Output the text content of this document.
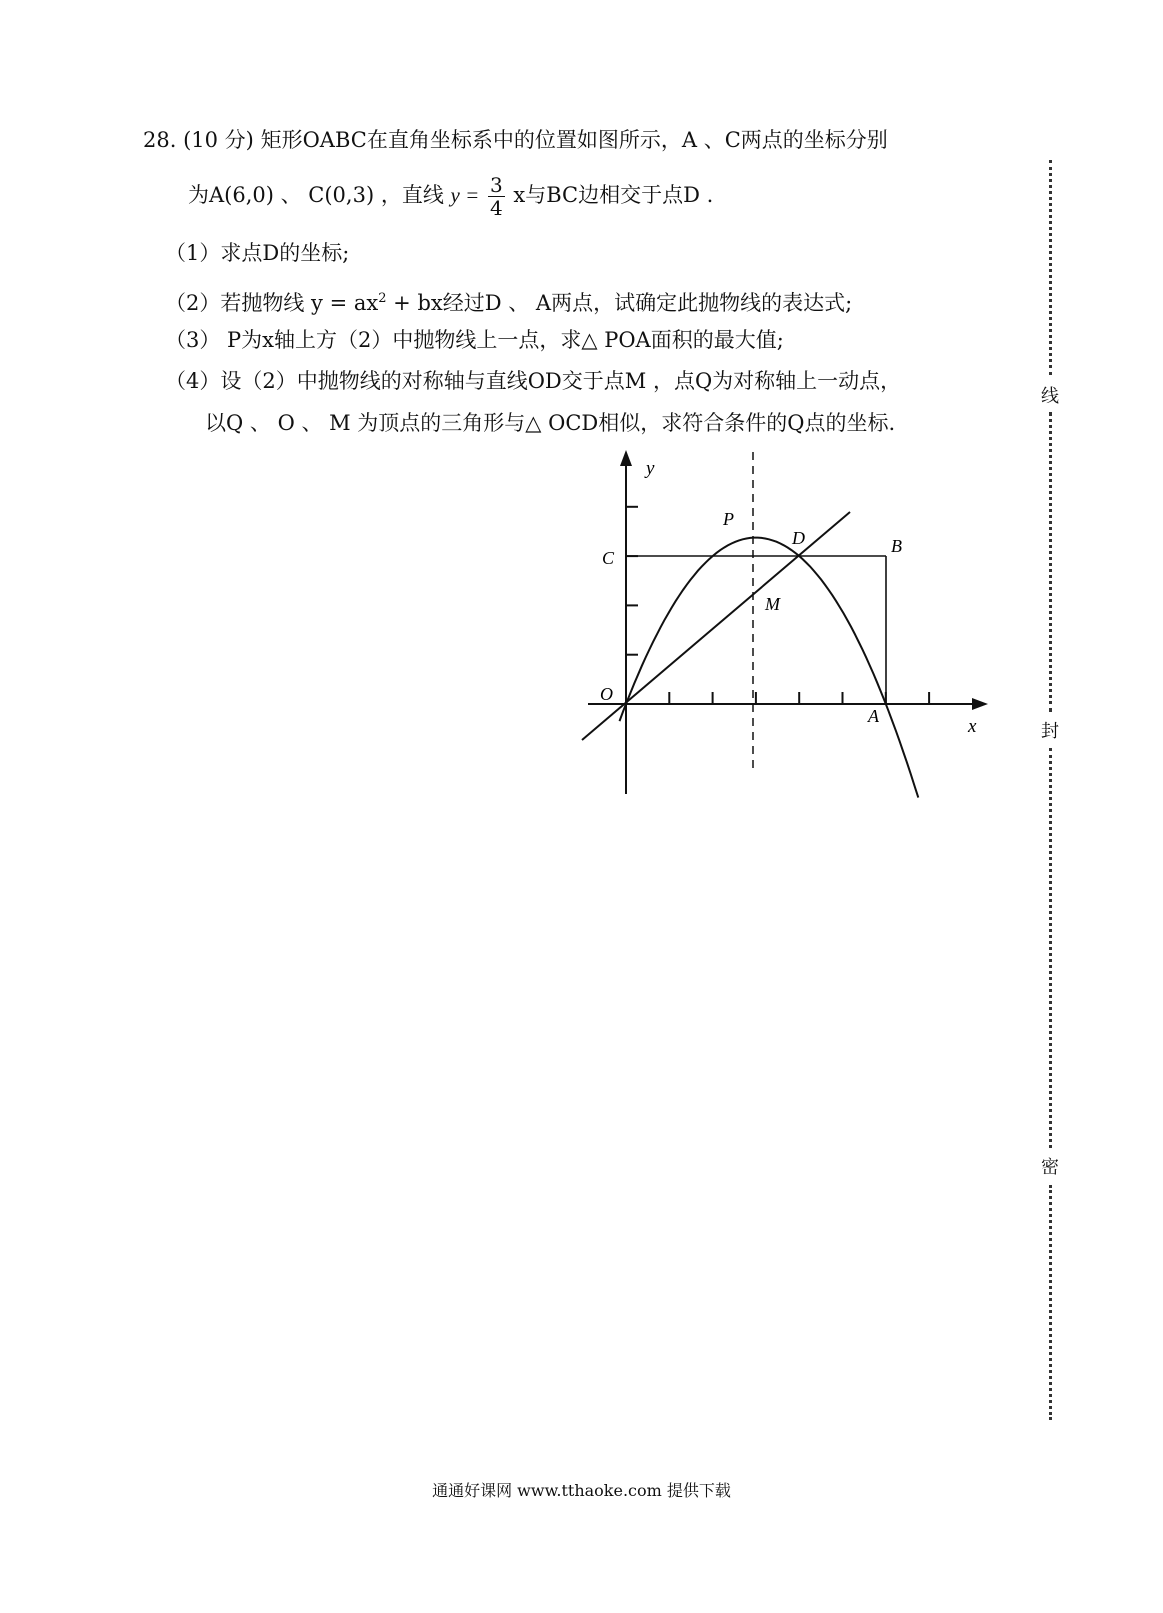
28. (10 分) 矩形OABC在直角坐标系中的位置如图所示，A 、C两点的坐标分别
为A(6,0) 、 C(0,3) ，直线 $y = \frac{3}{4}$ x与BC边相交于点D .
（1）求点D的坐标;
（2）若抛物线 $y = ax^2$ + bx经过D 、 A两点，试确定此抛物线的表达式;
（3） P为x轴上方（2）中抛物线上一点，求△ POA面积的最大值;
（4）设（2）中抛物线的对称轴与直线OD交于点M ，点Q为对称轴上一动点，
以Q 、 O 、 M 为顶点的三角形与△ OCD相似，求符合条件的Q点的坐标.
y
x
O
A
B
C
D
P
M
线
封
密
通通好课网 www.tthaoke.com 提供下载
